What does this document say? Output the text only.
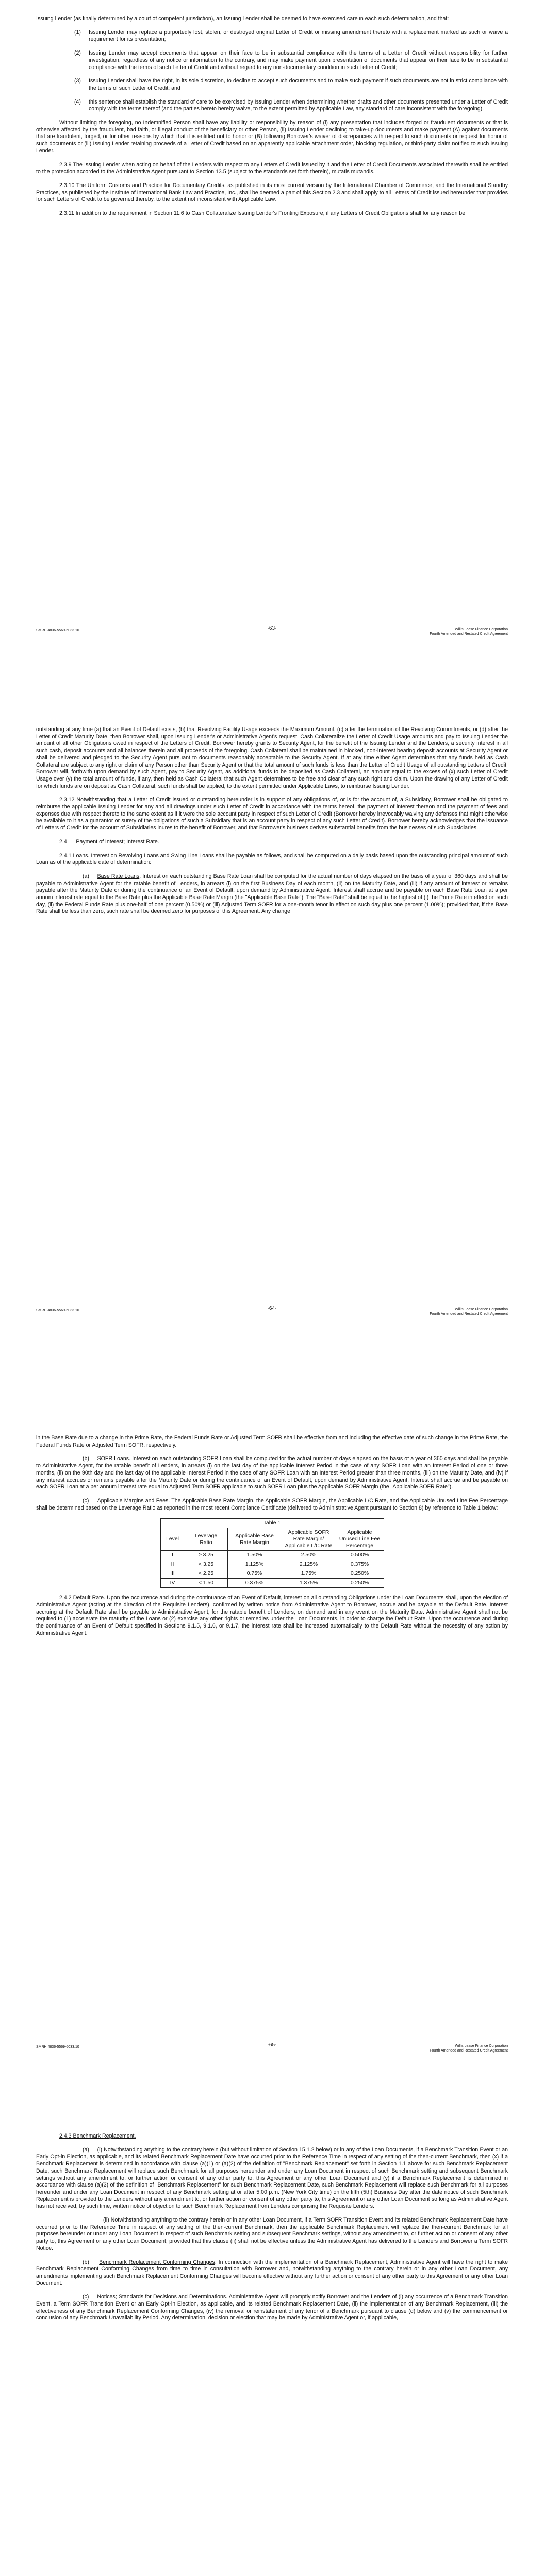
Issuing Lender (as finally determined by a court of competent jurisdiction), an Issuing Lender shall be deemed to have exercised care in each such determination, and that:

(1) Issuing Lender may replace a purportedly lost, stolen, or destroyed original Letter of Credit or missing amendment thereto with a replacement marked as such or waive a requirement for its presentation;

(2) Issuing Lender may accept documents that appear on their face to be in substantial compliance with the terms of a Letter of Credit without responsibility for further investigation, regardless of any notice or information to the contrary, and may make payment upon presentation of documents that appear on their face to be in substantial compliance with the terms of such Letter of Credit and without regard to any non-documentary condition in such Letter of Credit;

(3) Issuing Lender shall have the right, in its sole discretion, to decline to accept such documents and to make such payment if such documents are not in strict compliance with the terms of such Letter of Credit; and

(4) this sentence shall establish the standard of care to be exercised by Issuing Lender when determining whether drafts and other documents presented under a Letter of Credit comply with the terms thereof (and the parties hereto hereby waive, to the extent permitted by Applicable Law, any standard of care inconsistent with the foregoing).

Without limiting the foregoing, no Indemnified Person shall have any liability or responsibility by reason of (i) any presentation that includes forged or fraudulent documents or that is otherwise affected by the fraudulent, bad faith, or illegal conduct of the beneficiary or other Person, (ii) Issuing Lender declining to take-up documents and make payment (A) against documents that are fraudulent, forged, or for other reasons by which that it is entitled not to honor or (B) following Borrower's waiver of discrepancies with respect to such documents or request for honor of such documents or (iii) Issuing Lender retaining proceeds of a Letter of Credit based on an apparently applicable attachment order, blocking regulation, or third-party claim notified to such Issuing Lender.

2.3.9 The Issuing Lender when acting on behalf of the Lenders with respect to any Letters of Credit issued by it and the Letter of Credit Documents associated therewith shall be entitled to the protection accorded to the Administrative Agent pursuant to Section 13.5 (subject to the standards set forth therein), mutatis mutandis.

2.3.10 The Uniform Customs and Practice for Documentary Credits, as published in its most current version by the International Chamber of Commerce, and the International Standby Practices, as published by the Institute of International Bank Law and Practice, Inc., shall be deemed a part of this Section 2.3 and shall apply to all Letters of Credit issued hereunder that provides for such Letters of Credit to be governed thereby, to the extent not inconsistent with Applicable Law.

2.3.11 In addition to the requirement in Section 11.6 to Cash Collateralize Issuing Lender's Fronting Exposure, if any Letters of Credit Obligations shall for any reason be

SMRH:4836-5569-6033.10	-63-	Willis Lease Finance Corporation
Fourth Amended and Restated Credit Agreement

outstanding at any time (a) that an Event of Default exists, (b) that Revolving Facility Usage exceeds the Maximum Amount, (c) after the termination of the Revolving Commitments, or (d) after the Letter of Credit Maturity Date, then Borrower shall, upon Issuing Lender's or Administrative Agent's request, Cash Collateralize the Letter of Credit Usage amounts and pay to Issuing Lender the amount of all other Obligations owed in respect of the Letters of Credit. Borrower hereby grants to Security Agent, for the benefit of the Issuing Lender and the Lenders, a security interest in all such cash, deposit accounts and all balances therein and all proceeds of the foregoing. Cash Collateral shall be maintained in blocked, non-interest bearing deposit accounts at Security Agent or shall be delivered and pledged to the Security Agent pursuant to documents reasonably acceptable to the Security Agent. If at any time either Agent determines that any funds held as Cash Collateral are subject to any right or claim of any Person other than Security Agent or that the total amount of such funds is less than the Letter of Credit Usage of all outstanding Letters of Credit, Borrower will, forthwith upon demand by such Agent, pay to Security Agent, as additional funds to be deposited as Cash Collateral, an amount equal to the excess of (x) such Letter of Credit Usage over (y) the total amount of funds, if any, then held as Cash Collateral that such Agent determines to be free and clear of any such right and claim. Upon the drawing of any Letter of Credit for which funds are on deposit as Cash Collateral, such funds shall be applied, to the extent permitted under Applicable Laws, to reimburse Issuing Lender.

2.3.12 Notwithstanding that a Letter of Credit issued or outstanding hereunder is in support of any obligations of, or is for the account of, a Subsidiary, Borrower shall be obligated to reimburse the applicable Issuing Lender for any and all drawings under such Letter of Credit in accordance with the terms hereof, the payment of interest thereon and the payment of fees and expenses due with respect thereto to the same extent as if it were the sole account party in respect of such Letter of Credit (Borrower hereby irrevocably waiving any defenses that might otherwise be available to it as a guarantor or surety of the obligations of such a Subsidiary that is an account party in respect of any such Letter of Credit). Borrower hereby acknowledges that the issuance of Letters of Credit for the account of Subsidiaries inures to the benefit of Borrower, and that Borrower's business derives substantial benefits from the businesses of such Subsidiaries.

2.4 Payment of Interest; Interest Rate.

2.4.1 Loans. Interest on Revolving Loans and Swing Line Loans shall be payable as follows, and shall be computed on a daily basis based upon the outstanding principal amount of such Loan as of the applicable date of determination:

(a) Base Rate Loans. Interest on each outstanding Base Rate Loan shall be computed for the actual number of days elapsed on the basis of a year of 360 days and shall be payable to Administrative Agent for the ratable benefit of Lenders, in arrears (i) on the first Business Day of each month, (ii) on the Maturity Date, and (iii) if any amount of interest or remains payable after the Maturity Date or during the continuance of an Event of Default, upon demand by Administrative Agent. Interest shall accrue and be payable on each Base Rate Loan at a per annum interest rate equal to the Base Rate plus the Applicable Base Rate Margin (the "Applicable Base Rate"). The "Base Rate" shall be equal to the highest of (i) the Prime Rate in effect on such day, (ii) the Federal Funds Rate plus one-half of one percent (0.50%) or (iii) Adjusted Term SOFR for a one-month tenor in effect on such day plus one percent (1.00%); provided that, if the Base Rate shall be less than zero, such rate shall be deemed zero for purposes of this Agreement. Any change

SMRH:4836-5569-6033.10	-64-	Willis Lease Finance Corporation
Fourth Amended and Restated Credit Agreement

in the Base Rate due to a change in the Prime Rate, the Federal Funds Rate or Adjusted Term SOFR shall be effective from and including the effective date of such change in the Prime Rate, the Federal Funds Rate or Adjusted Term SOFR, respectively.

(b) SOFR Loans. Interest on each outstanding SOFR Loan shall be computed for the actual number of days elapsed on the basis of a year of 360 days and shall be payable to Administrative Agent, for the ratable benefit of Lenders, in arrears (i) on the last day of the applicable Interest Period in the case of any SOFR Loan with an Interest Period of one or three months, (ii) on the 90th day and the last day of the applicable Interest Period in the case of any SOFR Loan with an Interest Period greater than three months, (iii) on the Maturity Date, and (iv) if any interest accrues or remains payable after the Maturity Date or during the continuance of an Event of Default, upon demand by Administrative Agent. Interest shall accrue and be payable on each SOFR Loan at a per annum interest rate equal to Adjusted Term SOFR applicable to such SOFR Loan plus the Applicable SOFR Margin (the "Applicable SOFR Rate").

(c) Applicable Margins and Fees. The Applicable Base Rate Margin, the Applicable SOFR Margin, the Applicable L/C Rate, and the Applicable Unused Line Fee Percentage shall be determined based on the Leverage Ratio as reported in the most recent Compliance Certificate (delivered to Administrative Agent pursuant to Section 8) by reference to Table 1 below:

Table 1				
Level	Leverage Ratio	Applicable Base Rate Margin	Applicable SOFR Rate Margin/ Applicable L/C Rate	Applicable Unused Line Fee Percentage
I	≥ 3.25	1.50%	2.50%	0.500%
II	< 3.25	1.125%	2.125%	0.375%
III	< 2.25	0.75%	1.75%	0.250%
IV	< 1.50	0.375%	1.375%	0.250%

2.4.2 Default Rate. Upon the occurrence and during the continuance of an Event of Default, interest on all outstanding Obligations under the Loan Documents shall, upon the election of Administrative Agent (acting at the direction of the Requisite Lenders), confirmed by written notice from Administrative Agent to Borrower, accrue and be payable at the Default Rate. Interest accruing at the Default Rate shall be payable to Administrative Agent, for the ratable benefit of Lenders, on demand and in any event on the Maturity Date. Administrative Agent shall not be required to (1) accelerate the maturity of the Loans or (2) exercise any other rights or remedies under the Loan Documents, in order to charge the Default Rate. Upon the occurrence and during the continuance of an Event of Default specified in Sections 9.1.5, 9.1.6, or 9.1.7, the interest rate shall be increased automatically to the Default Rate without the necessity of any action by Administrative Agent.

SMRH:4836-5569-6033.10	-65-	Willis Lease Finance Corporation
Fourth Amended and Restated Credit Agreement

2.4.3 Benchmark Replacement.

(a) (i) Notwithstanding anything to the contrary herein (but without limitation of Section 15.1.2 below) or in any of the Loan Documents, if a Benchmark Transition Event or an Early Opt-in Election, as applicable, and its related Benchmark Replacement Date have occurred prior to the Reference Time in respect of any setting of the then-current Benchmark, then (x) if a Benchmark Replacement is determined in accordance with clause (a)(1) or (a)(2) of the definition of "Benchmark Replacement" set forth in Section 1.1 above for such Benchmark Replacement Date, such Benchmark Replacement will replace such Benchmark for all purposes hereunder and under any Loan Document in respect of such Benchmark setting and subsequent Benchmark settings without any amendment to, or further action or consent of any other party to, this Agreement or any other Loan Document and (y) if a Benchmark Replacement is determined in accordance with clause (a)(3) of the definition of "Benchmark Replacement" for such Benchmark Replacement Date, such Benchmark Replacement will replace such Benchmark for all purposes hereunder and under any Loan Document in respect of any Benchmark setting at or after 5:00 p.m. (New York City time) on the fifth (5th) Business Day after the date notice of such Benchmark Replacement is provided to the Lenders without any amendment to, or further action or consent of any other party to, this Agreement or any other Loan Document so long as Administrative Agent has not received, by such time, written notice of objection to such Benchmark Replacement from Lenders comprising the Requisite Lenders.

(ii) Notwithstanding anything to the contrary herein or in any other Loan Document, if a Term SOFR Transition Event and its related Benchmark Replacement Date have occurred prior to the Reference Time in respect of any setting of the then-current Benchmark, then the applicable Benchmark Replacement will replace the then-current Benchmark for all purposes hereunder or under any Loan Document in respect of such Benchmark setting and subsequent Benchmark settings, without any amendment to, or further action or consent of any other party to, this Agreement or any other Loan Document; provided that this clause (ii) shall not be effective unless the Administrative Agent has delivered to the Lenders and Borrower a Term SOFR Notice.

(b) Benchmark Replacement Conforming Changes. In connection with the implementation of a Benchmark Replacement, Administrative Agent will have the right to make Benchmark Replacement Conforming Changes from time to time in consultation with Borrower and, notwithstanding anything to the contrary herein or in any other Loan Document, any amendments implementing such Benchmark Replacement Conforming Changes will become effective without any further action or consent of any other party to this Agreement or any other Loan Document.

(c) Notices; Standards for Decisions and Determinations. Administrative Agent will promptly notify Borrower and the Lenders of (i) any occurrence of a Benchmark Transition Event, a Term SOFR Transition Event or an Early Opt-in Election, as applicable, and its related Benchmark Replacement Date, (ii) the implementation of any Benchmark Replacement, (iii) the effectiveness of any Benchmark Replacement Conforming Changes, (iv) the removal or reinstatement of any tenor of a Benchmark pursuant to clause (d) below and (v) the commencement or conclusion of any Benchmark Unavailability Period. Any determination, decision or election that may be made by Administrative Agent or, if applicable,
